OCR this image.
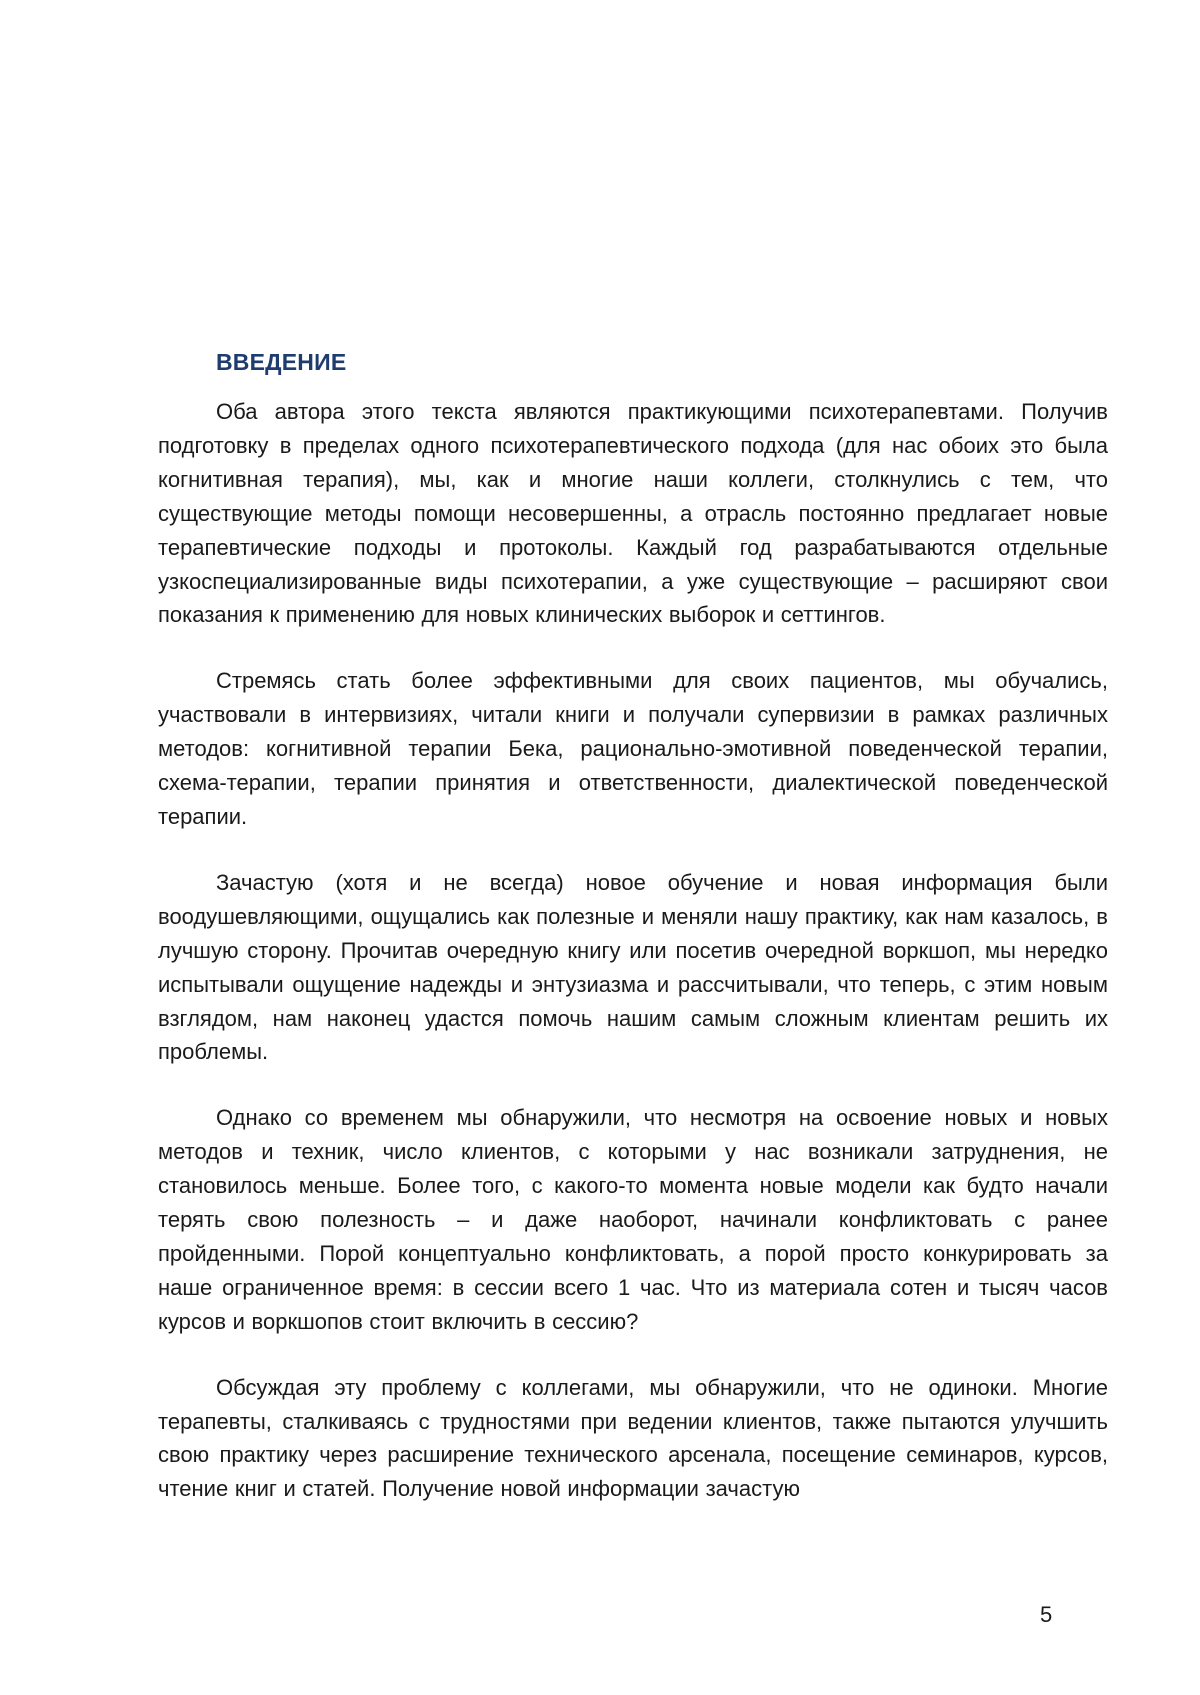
ВВЕДЕНИЕ

Оба автора этого текста являются практикующими психотерапевтами. Получив подготовку в пределах одного психотерапевтического подхода (для нас обоих это была когнитивная терапия), мы, как и многие наши коллеги, столкнулись с тем, что существующие методы помощи несовершенны, а отрасль постоянно предлагает новые терапевтические подходы и протоколы. Каждый год разрабатываются отдельные узкоспециализированные виды психотерапии, а уже существующие – расширяют свои показания к применению для новых клинических выборок и сеттингов.

Стремясь стать более эффективными для своих пациентов, мы обучались, участвовали в интервизиях, читали книги и получали супервизии в рамках различных методов: когнитивной терапии Бека, рационально-эмотивной поведенческой терапии, схема-терапии, терапии принятия и ответственности, диалектической поведенческой терапии.

Зачастую (хотя и не всегда) новое обучение и новая информация были воодушевляющими, ощущались как полезные и меняли нашу практику, как нам казалось, в лучшую сторону. Прочитав очередную книгу или посетив очередной воркшоп, мы нередко испытывали ощущение надежды и энтузиазма и рассчитывали, что теперь, с этим новым взглядом, нам наконец удастся помочь нашим самым сложным клиентам решить их проблемы.

Однако со временем мы обнаружили, что несмотря на освоение новых и новых методов и техник, число клиентов, с которыми у нас возникали затруднения, не становилось меньше. Более того, с какого-то момента новые модели как будто начали терять свою полезность – и даже наоборот, начинали конфликтовать с ранее пройденными. Порой концептуально конфликтовать, а порой просто конкурировать за наше ограниченное время: в сессии всего 1 час. Что из материала сотен и тысяч часов курсов и воркшопов стоит включить в сессию?

Обсуждая эту проблему с коллегами, мы обнаружили, что не одиноки. Многие терапевты, сталкиваясь с трудностями при ведении клиентов, также пытаются улучшить свою практику через расширение технического арсенала, посещение семинаров, курсов, чтение книг и статей. Получение новой информации зачастую

5
